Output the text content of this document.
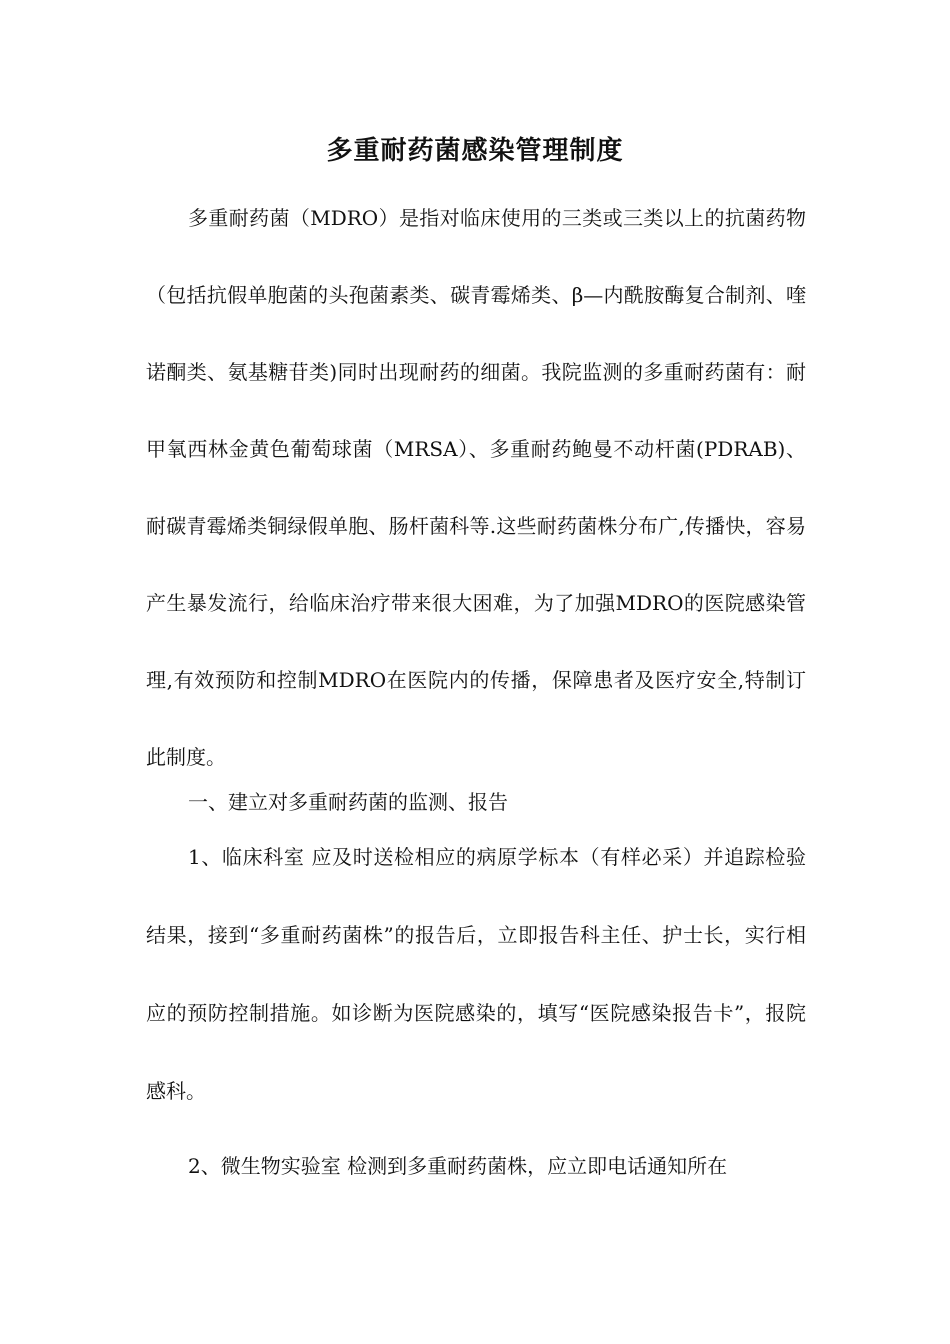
多重耐药菌感染管理制度

多重耐药菌（MDRO）是指对临床使用的三类或三类以上的抗菌药物（包括抗假单胞菌的头孢菌素类、碳青霉烯类、β—内酰胺酶复合制剂、喹诺酮类、氨基糖苷类)同时出现耐药的细菌。我院监测的多重耐药菌有：耐甲氧西林金黄色葡萄球菌（MRSA）、多重耐药鲍曼不动杆菌(PDRAB)、耐碳青霉烯类铜绿假单胞、肠杆菌科等.这些耐药菌株分布广,传播快，容易产生暴发流行，给临床治疗带来很大困难，为了加强MDRO的医院感染管理,有效预防和控制MDRO在医院内的传播，保障患者及医疗安全,特制订此制度。

一、建立对多重耐药菌的监测、报告

1、临床科室 应及时送检相应的病原学标本（有样必采）并追踪检验结果，接到“多重耐药菌株”的报告后，立即报告科主任、护士长，实行相应的预防控制措施。如诊断为医院感染的，填写“医院感染报告卡”，报院感科。

2、微生物实验室 检测到多重耐药菌株，应立即电话通知所在
